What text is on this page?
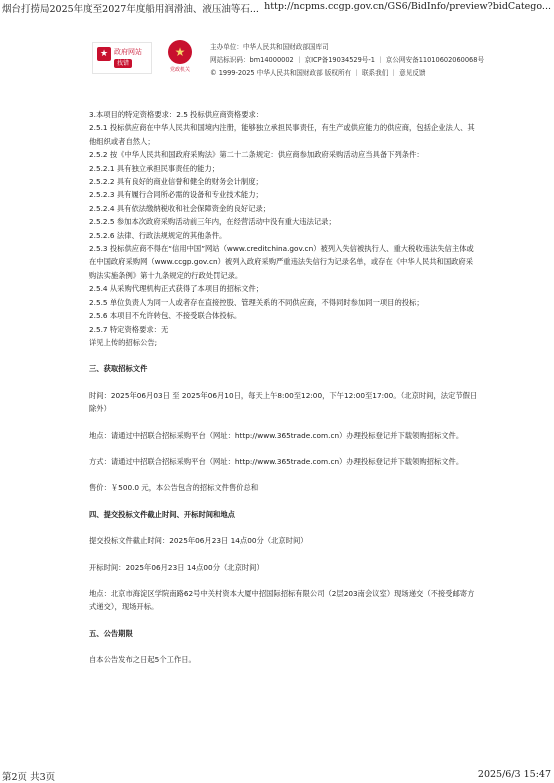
烟台打捞局2025年度至2027年度船用润滑油、液压油等石... http://ncpms.ccgp.gov.cn/GS6/BidInfo/preview?bidCatego...
★ 政府网站
找错
★
党政机关
主办单位：中华人民共和国财政部国库司
网站标识码：bm14000002 ｜ 京ICP备19034529号-1 ｜ 京公网安备11010602060068号
© 1999-2025 中华人民共和国财政部 版权所有 ｜ 联系我们 ｜ 意见反馈

3.本项目的特定资格要求：2.5 投标供应商资格要求：

2.5.1 投标供应商在中华人民共和国境内注册，能够独立承担民事责任，有生产或供应能力的供应商，包括企业法人、其他组织或者自然人；

2.5.2 按《中华人民共和国政府采购法》第二十二条规定：供应商参加政府采购活动应当具备下列条件：

2.5.2.1 具有独立承担民事责任的能力；

2.5.2.2 具有良好的商业信誉和健全的财务会计制度；

2.5.2.3 具有履行合同所必需的设备和专业技术能力；

2.5.2.4 具有依法缴纳税收和社会保障资金的良好记录；

2.5.2.5 参加本次政府采购活动前三年内，在经营活动中没有重大违法记录；

2.5.2.6 法律、行政法规规定的其他条件。

2.5.3 投标供应商不得在“信用中国”网站（www.creditchina.gov.cn）被列入失信被执行人、重大税收违法失信主体或在中国政府采购网（www.ccgp.gov.cn）被列入政府采购严重违法失信行为记录名单，或存在《中华人民共和国政府采购法实施条例》第十九条规定的行政处罚记录。

2.5.4 从采购代理机构正式获得了本项目的招标文件；

2.5.5 单位负责人为同一人或者存在直接控股、管理关系的不同供应商，不得同时参加同一项目的投标；

2.5.6 本项目不允许转包、不接受联合体投标。

2.5.7 特定资格要求：无

详见上传的招标公告;

三、获取招标文件

时间：2025年06月03日 至 2025年06月10日，每天上午8:00至12:00，下午12:00至17:00。（北京时间，法定节假日除外）

地点：请通过中招联合招标采购平台（网址：http://www.365trade.com.cn）办理投标登记并下载领购招标文件。

方式：请通过中招联合招标采购平台（网址：http://www.365trade.com.cn）办理投标登记并下载领购招标文件。

售价：￥500.0 元，本公告包含的招标文件售价总和

四、提交投标文件截止时间、开标时间和地点

提交投标文件截止时间：2025年06月23日 14点00分（北京时间）

开标时间：2025年06月23日 14点00分（北京时间）

地点：北京市海淀区学院南路62号中关村资本大厦中招国际招标有限公司（2层203南会议室）现场递交（不接受邮寄方式递交），现场开标。

五、公告期限

自本公告发布之日起5个工作日。

第2页 共3页	2025/6/3 15:47
